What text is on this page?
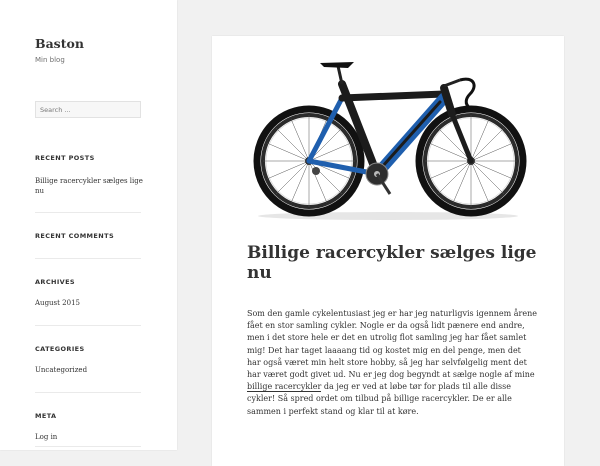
Baston
Min blog
Search ...
RECENT POSTS
Billige racercykler sælges lige nu
RECENT COMMENTS
ARCHIVES
August 2015
CATEGORIES
Uncategorized
META
Log in
Billige racercykler sælges lige nu

Som den gamle cykelentusiast jeg er har jeg naturligvis igennem årene fået en stor samling cykler. Nogle er da også lidt pænere end andre, men i det store hele er det en utrolig flot samling jeg har fået samlet mig! Det har taget laaaang tid og kostet mig en del penge, men det har også været min helt store hobby, så jeg har selvfølgelig ment det har været godt givet ud. Nu er jeg dog begyndt at sælge nogle af mine billige racercykler da jeg er ved at løbe tør for plads til alle disse cykler! Så spred ordet om tilbud på billige racercykler. De er alle sammen i perfekt stand og klar til at køre.
